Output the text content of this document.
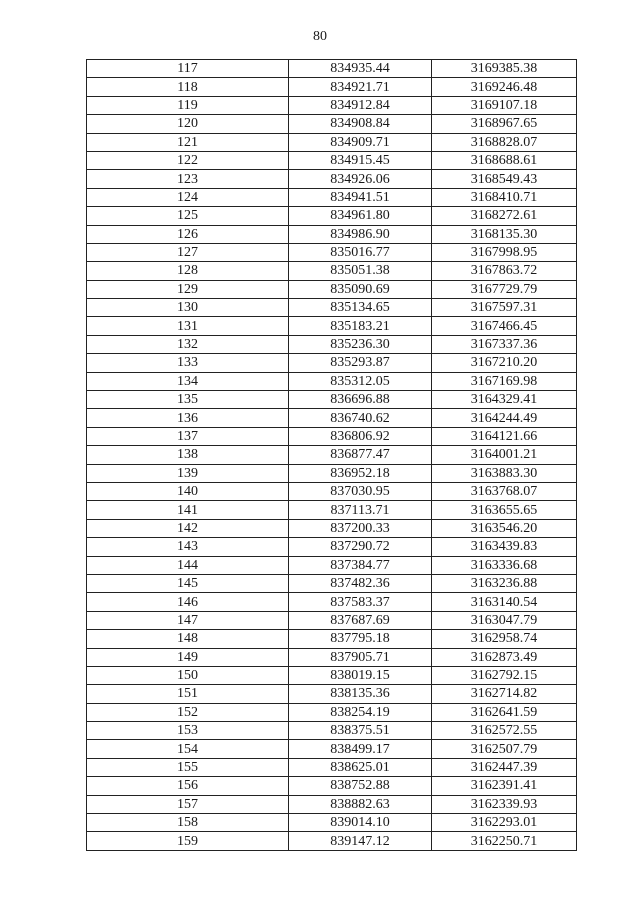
80
117	834935.44	3169385.38
118	834921.71	3169246.48
119	834912.84	3169107.18
120	834908.84	3168967.65
121	834909.71	3168828.07
122	834915.45	3168688.61
123	834926.06	3168549.43
124	834941.51	3168410.71
125	834961.80	3168272.61
126	834986.90	3168135.30
127	835016.77	3167998.95
128	835051.38	3167863.72
129	835090.69	3167729.79
130	835134.65	3167597.31
131	835183.21	3167466.45
132	835236.30	3167337.36
133	835293.87	3167210.20
134	835312.05	3167169.98
135	836696.88	3164329.41
136	836740.62	3164244.49
137	836806.92	3164121.66
138	836877.47	3164001.21
139	836952.18	3163883.30
140	837030.95	3163768.07
141	837113.71	3163655.65
142	837200.33	3163546.20
143	837290.72	3163439.83
144	837384.77	3163336.68
145	837482.36	3163236.88
146	837583.37	3163140.54
147	837687.69	3163047.79
148	837795.18	3162958.74
149	837905.71	3162873.49
150	838019.15	3162792.15
151	838135.36	3162714.82
152	838254.19	3162641.59
153	838375.51	3162572.55
154	838499.17	3162507.79
155	838625.01	3162447.39
156	838752.88	3162391.41
157	838882.63	3162339.93
158	839014.10	3162293.01
159	839147.12	3162250.71
